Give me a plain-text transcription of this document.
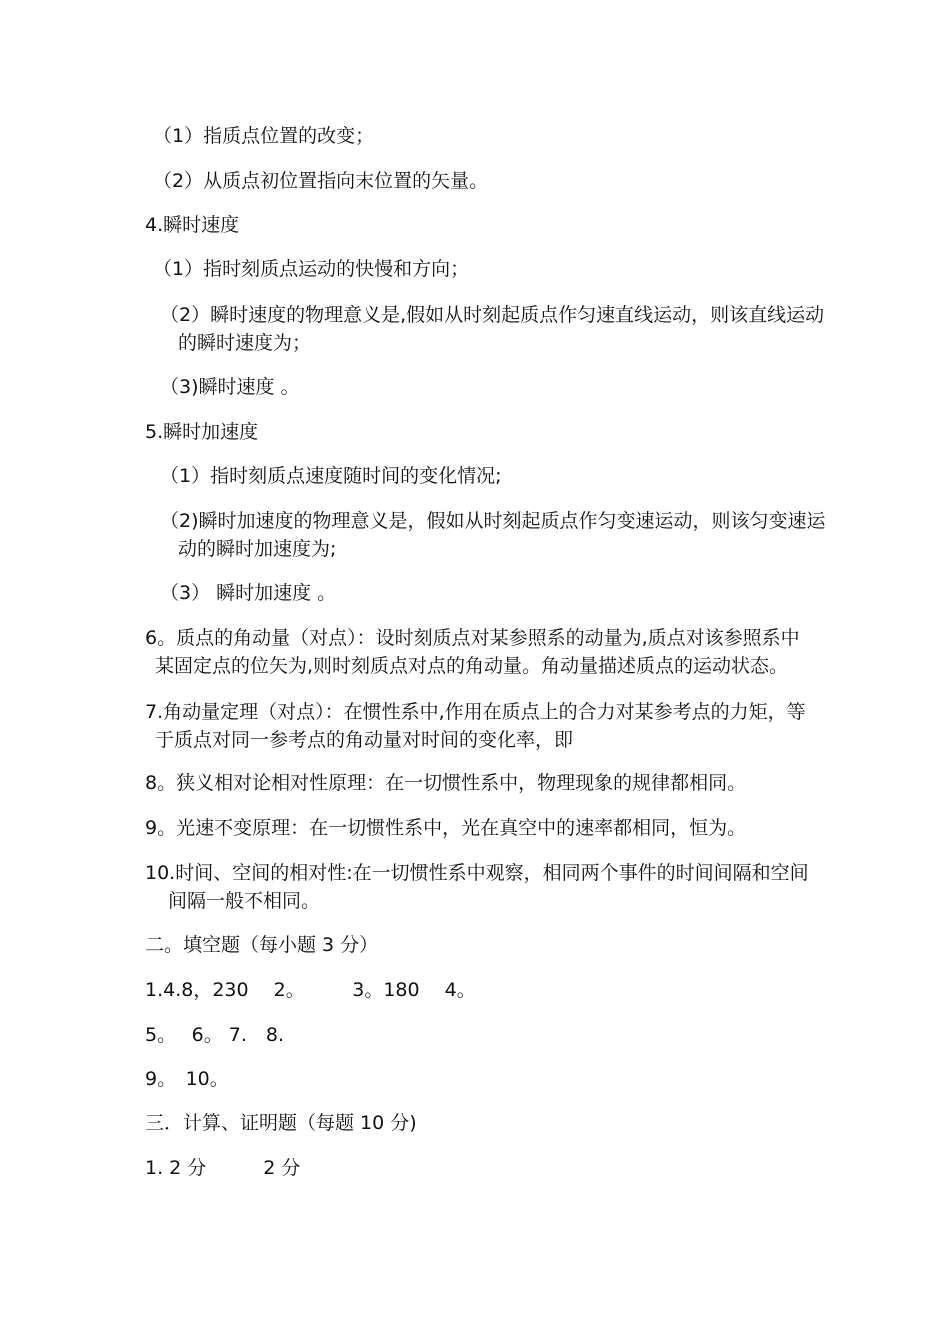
（1）指质点位置的改变；
（2）从质点初位置指向末位置的矢量。
4.瞬时速度
（1）指时刻质点运动的快慢和方向；
（2）瞬时速度的物理意义是,假如从时刻起质点作匀速直线运动，则该直线运动
的瞬时速度为；
（3)瞬时速度 。
5.瞬时加速度
（1）指时刻质点速度随时间的变化情况;
（2)瞬时加速度的物理意义是，假如从时刻起质点作匀变速运动，则该匀变速运
动的瞬时加速度为;
（3） 瞬时加速度 。
6。质点的角动量（对点）：设时刻质点对某参照系的动量为,质点对该参照系中
某固定点的位矢为,则时刻质点对点的角动量。角动量描述质点的运动状态。
7.角动量定理（对点）：在惯性系中,作用在质点上的合力对某参考点的力矩，等
于质点对同一参考点的角动量对时间的变化率，即
8。狭义相对论相对性原理：在一切惯性系中，物理现象的规律都相同。
9。光速不变原理：在一切惯性系中，光在真空中的速率都相同，恒为。
10.时间、空间的相对性:在一切惯性系中观察，相同两个事件的时间间隔和空间
间隔一般不相同。
二。填空题（每小题 3 分）
1.4.8，230　 2。　　　3。180　 4。
5。　 6。 7.　8.
9。　10。
三．计算、证明题（每题 10 分)
1. 2 分　　　2 分
